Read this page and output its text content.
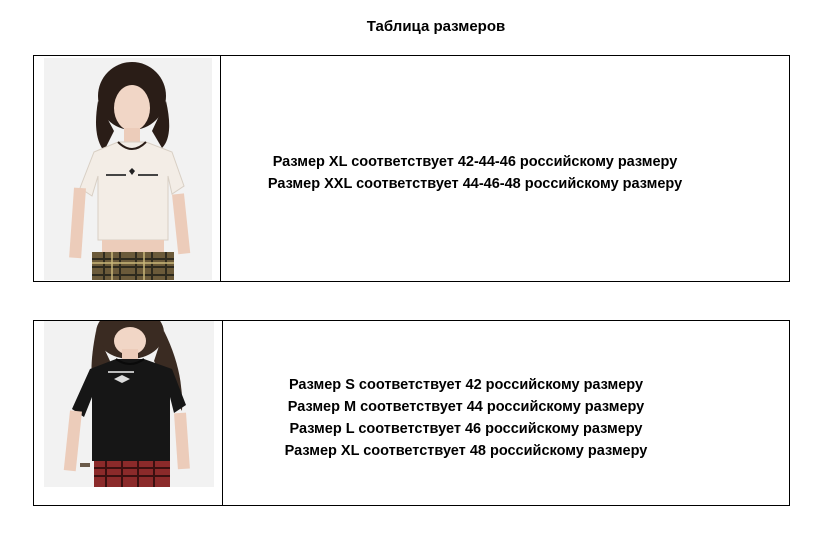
Таблица размеров
Размер XL соответствует 42-44-46 российскому размеру
Размер XXL соответствует 44-46-48 российскому размеру
Размер S соответствует 42 российскому размеру
Размер M соответствует 44 российскому размеру
Размер L соответствует 46 российскому размеру
Размер XL соответствует 48 российскому размеру
